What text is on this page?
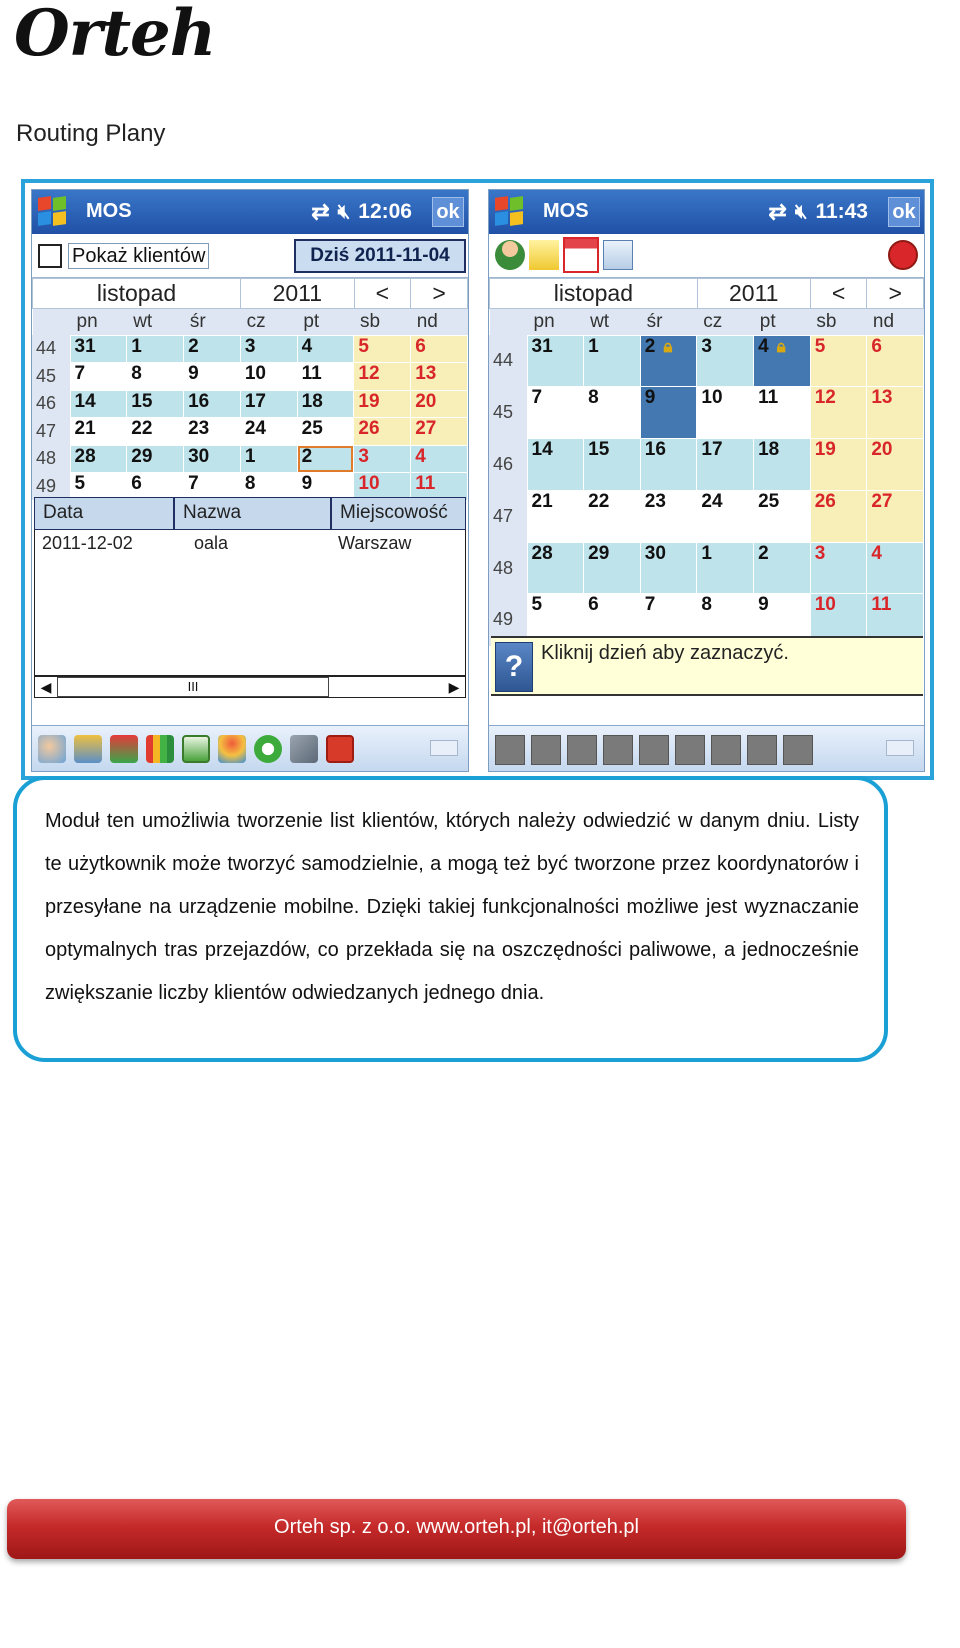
Orteh
Routing Plany
MOS	⇄ 🔇︎ 12:06 ok
Pokaż klientów	Dziś 2011-11-04
listopad				2011		<	>
	pn	wt	śr	cz	pt	sb	nd
44	31	1	2	3	4	5	6
45	7	8	9	10	11	12	13
46	14	15	16	17	18	19	20
47	21	22	23	24	25	26	27
48	28	29	30	1	2	3	4
49	5	6	7	8	9	10	11
Data	Nazwa	Miejscowość
2011-12-02	oala	Warszaw
◀	III	▶
MOS	⇄ 🔇︎ 11:43 ok
listopad				2011		<	>
	pn	wt	śr	cz	pt	sb	nd
44	31	1	2 🔒︎	3	4 🔒︎	5	6
45	7	8	9	10	11	12	13
46	14	15	16	17	18	19	20
47	21	22	23	24	25	26	27
48	28	29	30	1	2	3	4
49	5	6	7	8	9	10	11
? Kliknij dzień aby zaznaczyć.

Moduł ten umożliwia tworzenie list klientów, których należy odwiedzić w danym dniu. Listy te użytkownik może tworzyć samodzielnie, a mogą też być tworzone przez koordynatorów i przesyłane na urządzenie mobilne. Dzięki takiej funkcjonalności możliwe jest wyznaczanie optymalnych tras przejazdów, co przekłada się na oszczędności paliwowe, a jednocześnie zwiększanie liczby klientów odwiedzanych jednego dnia.

Orteh sp. z o.o. www.orteh.pl, it@orteh.pl
